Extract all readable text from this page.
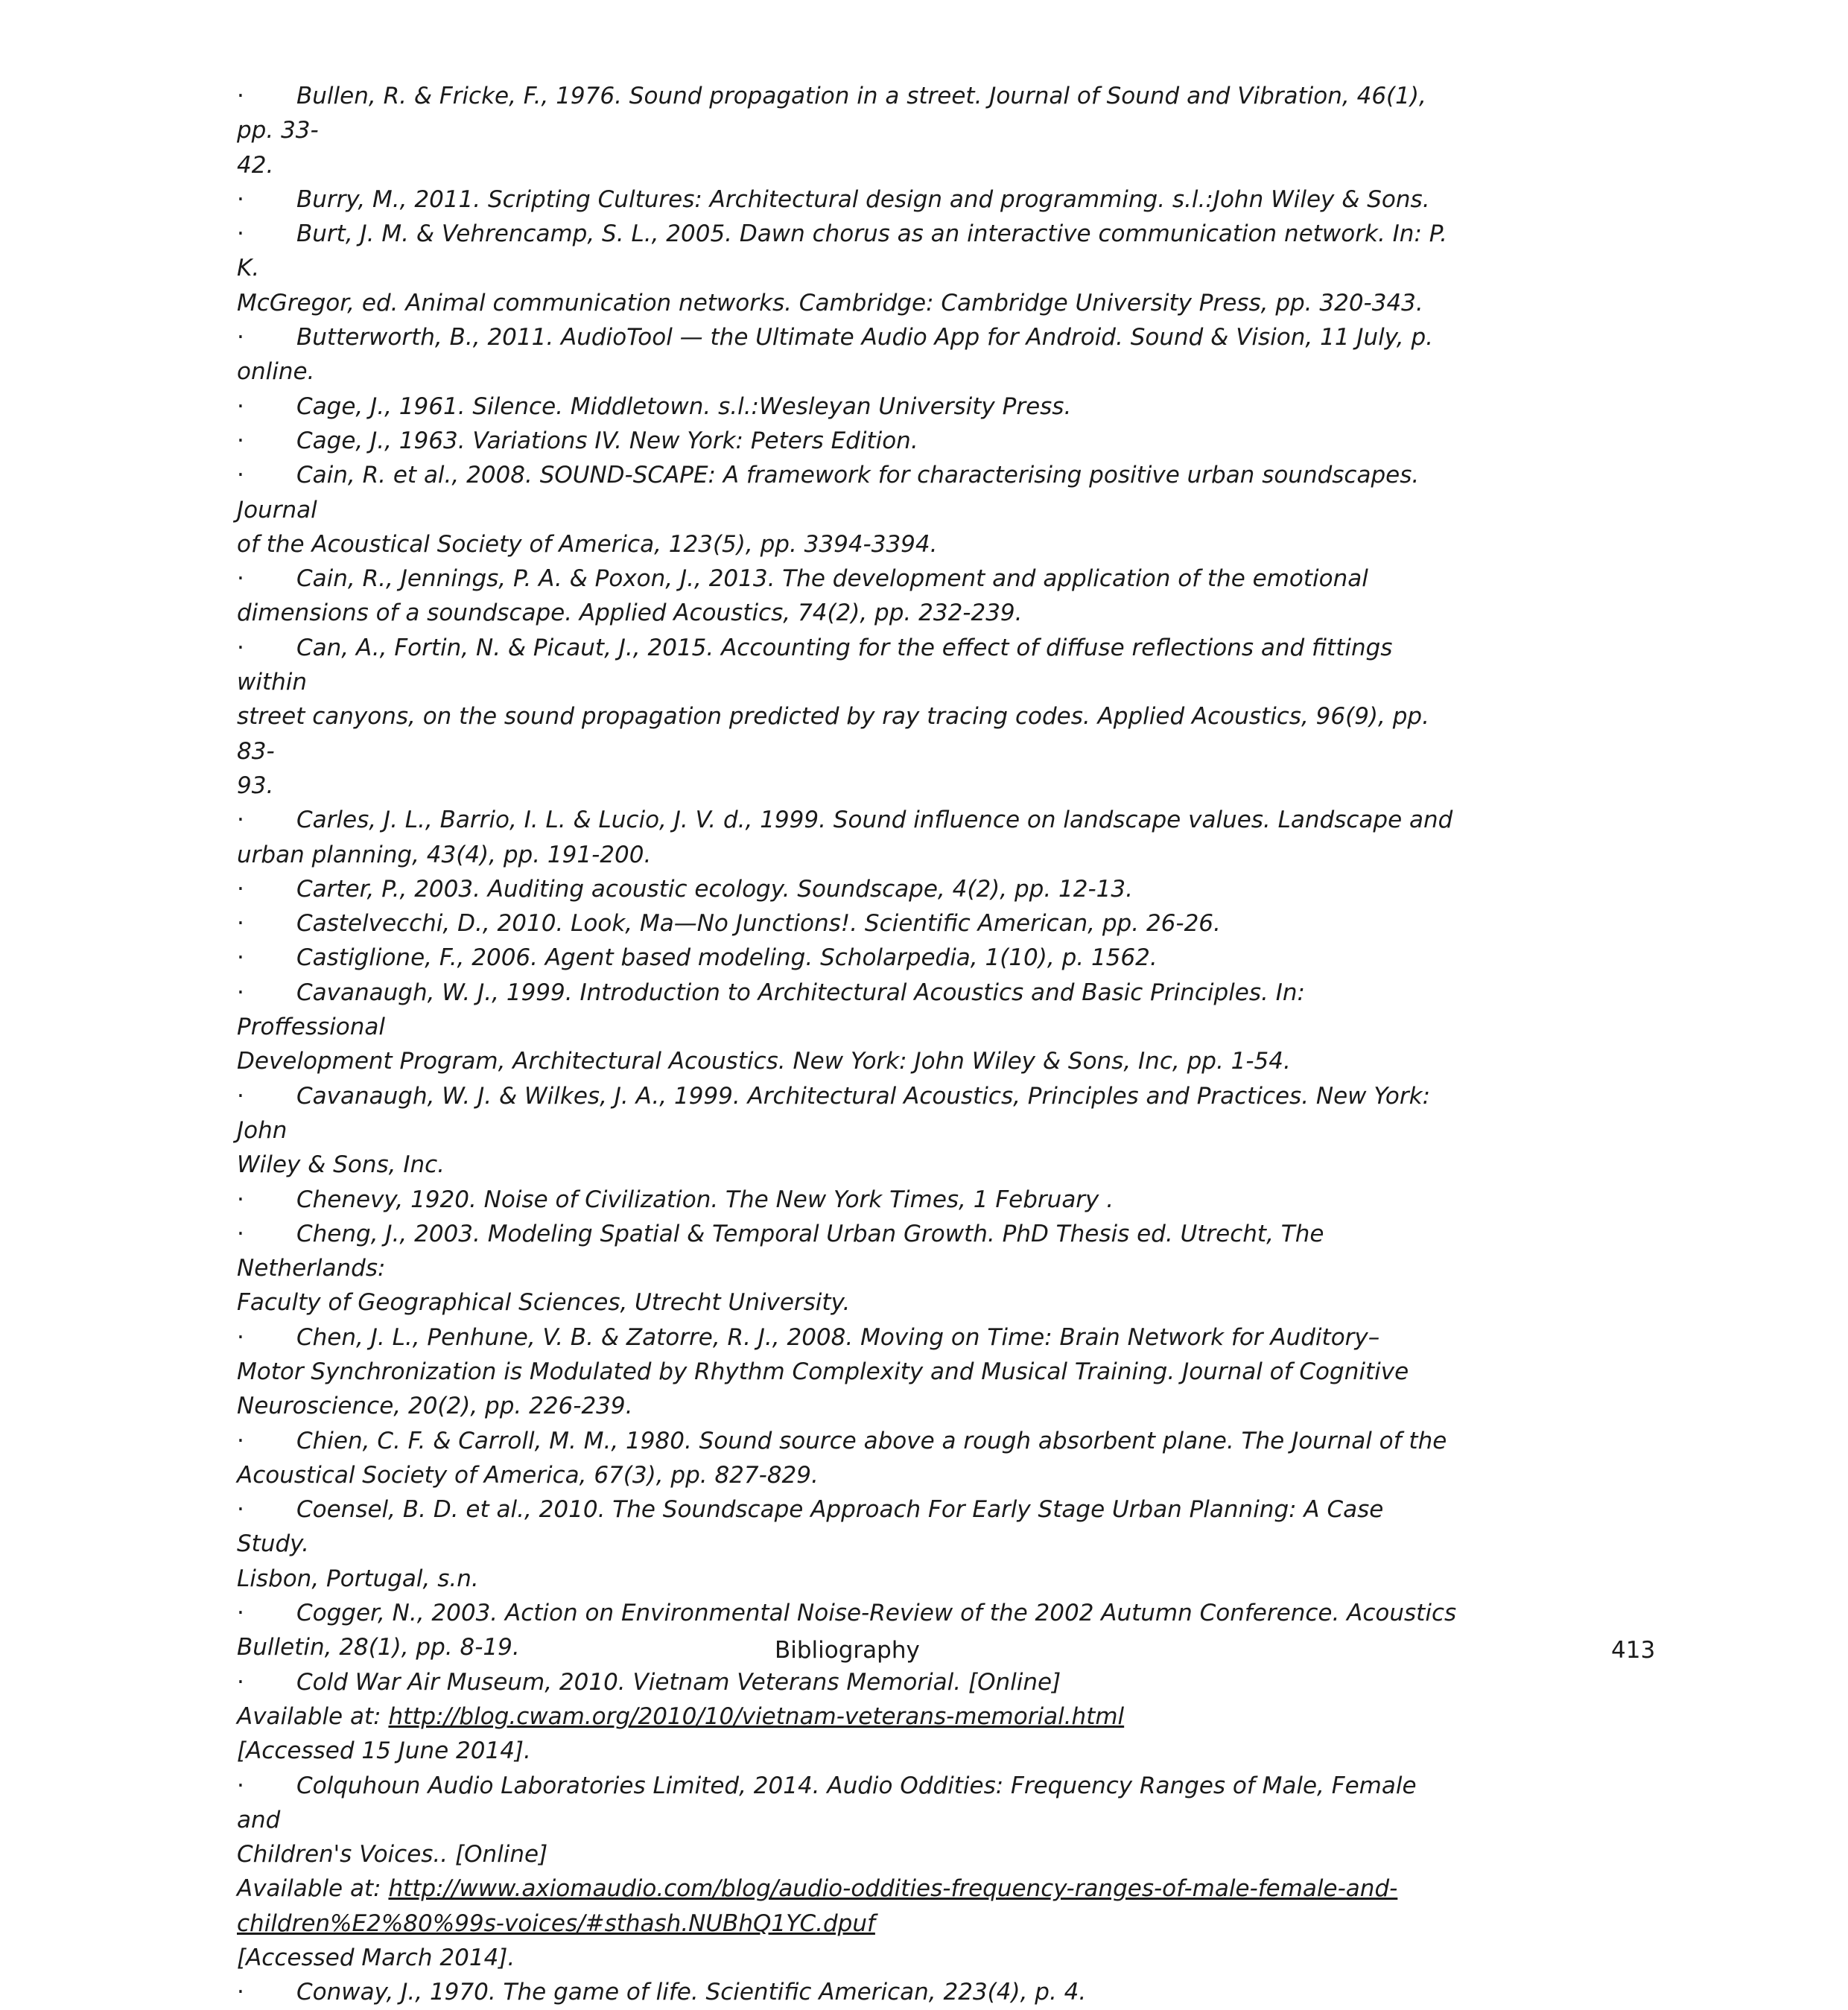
· Bullen, R. & Fricke, F., 1976. Sound propagation in a street. Journal of Sound and Vibration, 46(1), pp. 33-
42.
· Burry, M., 2011. Scripting Cultures: Architectural design and programming. s.l.:John Wiley & Sons.
· Burt, J. M. & Vehrencamp, S. L., 2005. Dawn chorus as an interactive communication network. In: P. K.
McGregor, ed. Animal communication networks. Cambridge: Cambridge University Press, pp. 320-343.
· Butterworth, B., 2011. AudioTool — the Ultimate Audio App for Android. Sound & Vision, 11 July, p. online.
· Cage, J., 1961. Silence. Middletown. s.l.:Wesleyan University Press.
· Cage, J., 1963. Variations IV. New York: Peters Edition.
· Cain, R. et al., 2008. SOUND-SCAPE: A framework for characterising positive urban soundscapes. Journal
of the Acoustical Society of America, 123(5), pp. 3394-3394.
· Cain, R., Jennings, P. A. & Poxon, J., 2013. The development and application of the emotional
dimensions of a soundscape. Applied Acoustics, 74(2), pp. 232-239.
· Can, A., Fortin, N. & Picaut, J., 2015. Accounting for the effect of diffuse reflections and fittings within
street canyons, on the sound propagation predicted by ray tracing codes. Applied Acoustics, 96(9), pp. 83-
93.
· Carles, J. L., Barrio, I. L. & Lucio, J. V. d., 1999. Sound influence on landscape values. Landscape and
urban planning, 43(4), pp. 191-200.
· Carter, P., 2003. Auditing acoustic ecology. Soundscape, 4(2), pp. 12-13.
· Castelvecchi, D., 2010. Look, Ma—No Junctions!. Scientific American, pp. 26-26.
· Castiglione, F., 2006. Agent based modeling. Scholarpedia, 1(10), p. 1562.
· Cavanaugh, W. J., 1999. Introduction to Architectural Acoustics and Basic Principles. In: Proffessional
Development Program, Architectural Acoustics. New York: John Wiley & Sons, Inc, pp. 1-54.
· Cavanaugh, W. J. & Wilkes, J. A., 1999. Architectural Acoustics, Principles and Practices. New York: John
Wiley & Sons, Inc.
· Chenevy, 1920. Noise of Civilization. The New York Times, 1 February .
· Cheng, J., 2003. Modeling Spatial & Temporal Urban Growth. PhD Thesis ed. Utrecht, The Netherlands:
Faculty of Geographical Sciences, Utrecht University.
· Chen, J. L., Penhune, V. B. & Zatorre, R. J., 2008. Moving on Time: Brain Network for Auditory–
Motor Synchronization is Modulated by Rhythm Complexity and Musical Training. Journal of Cognitive
Neuroscience, 20(2), pp. 226-239.
· Chien, C. F. & Carroll, M. M., 1980. Sound source above a rough absorbent plane. The Journal of the
Acoustical Society of America, 67(3), pp. 827-829.
· Coensel, B. D. et al., 2010. The Soundscape Approach For Early Stage Urban Planning: A Case Study.
Lisbon, Portugal, s.n.
· Cogger, N., 2003. Action on Environmental Noise-Review of the 2002 Autumn Conference. Acoustics
Bulletin, 28(1), pp. 8-19.
· Cold War Air Museum, 2010. Vietnam Veterans Memorial. [Online]
Available at: http://blog.cwam.org/2010/10/vietnam-veterans-memorial.html
[Accessed 15 June 2014].
· Colquhoun Audio Laboratories Limited, 2014. Audio Oddities: Frequency Ranges of Male, Female and
Children's Voices.. [Online]
Available at: http://www.axiomaudio.com/blog/audio-oddities-frequency-ranges-of-male-female-and-
children%E2%80%99s-voices/#sthash.NUBhQ1YC.dpuf
[Accessed March 2014].
· Conway, J., 1970. The game of life. Scientific American, 223(4), p. 4.
Bibliography	413
